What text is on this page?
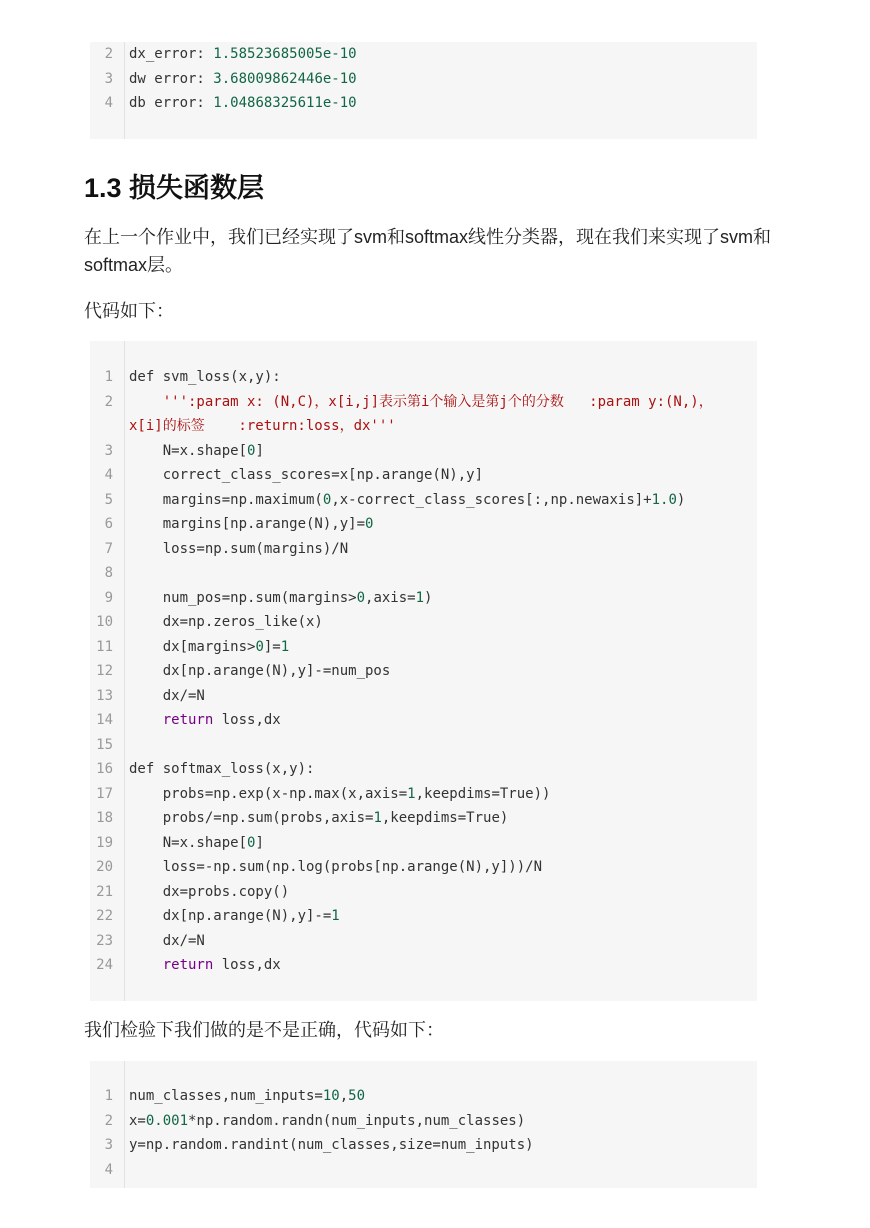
2 dx_error: 1.58523685005e-10
3 dw error: 3.68009862446e-10
4 db error: 1.04868325611e-10
1.3 损失函数层

在上一个作业中，我们已经实现了svm和softmax线性分类器，现在我们来实现了svm和softmax层。

代码如下：

1 def svm_loss(x,y):
2 ''':param x: (N,C)，x[i,j]表示第i个输入是第j个的分数   :param y:(N,)，
x[i]的标签    :return:loss，dx'''
3 N=x.shape[0]
4 correct_class_scores=x[np.arange(N),y]
5 margins=np.maximum(0,x-correct_class_scores[:,np.newaxis]+1.0)
6 margins[np.arange(N),y]=0
7 loss=np.sum(margins)/N
8
9 num_pos=np.sum(margins>0,axis=1)
10 dx=np.zeros_like(x)
11 dx[margins>0]=1
12 dx[np.arange(N),y]-=num_pos
13 dx/=N
14	return loss,dx
15
16 def softmax_loss(x,y):
17 probs=np.exp(x-np.max(x,axis=1,keepdims=True))
18 probs/=np.sum(probs,axis=1,keepdims=True)
19 N=x.shape[0]
20 loss=-np.sum(np.log(probs[np.arange(N),y]))/N
21 dx=probs.copy()
22 dx[np.arange(N),y]-=1
23 dx/=N
24	return loss,dx

我们检验下我们做的是不是正确，代码如下：

1 num_classes,num_inputs=10,50
2 x=0.001*np.random.randn(num_inputs,num_classes)
3 y=np.random.randint(num_classes,size=num_inputs)
4
